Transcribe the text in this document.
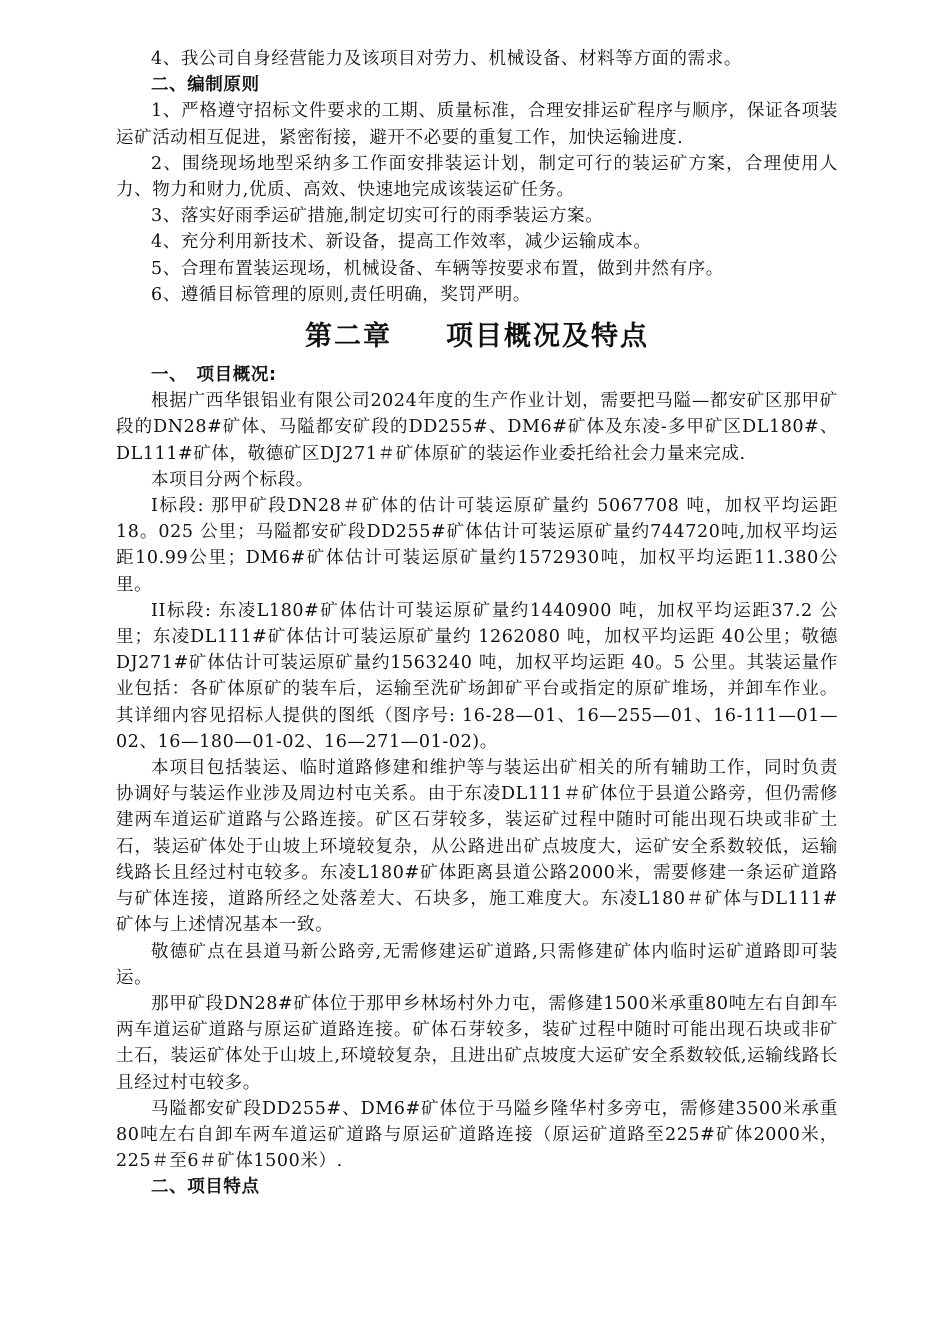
4、我公司自身经营能力及该项目对劳力、机械设备、材料等方面的需求。

二、编制原则

1、严格遵守招标文件要求的工期、质量标准，合理安排运矿程序与顺序，保证各项装运矿活动相互促进，紧密衔接，避开不必要的重复工作，加快运输进度.

2、围绕现场地型采纳多工作面安排装运计划，制定可行的装运矿方案，合理使用人力、物力和财力,优质、高效、快速地完成该装运矿任务。

3、落实好雨季运矿措施,制定切实可行的雨季装运方案。

4、充分利用新技术、新设备，提高工作效率，减少运输成本。

5、合理布置装运现场，机械设备、车辆等按要求布置，做到井然有序。

6、遵循目标管理的原则,责任明确，奖罚严明。

第二章 项目概况及特点

一、　项目概况:

根据广西华银铝业有限公司2024年度的生产作业计划，需要把马隘—都安矿区那甲矿段的DN28#矿体、马隘都安矿段的DD255#、DM6#矿体及东凌-多甲矿区DL180#、DL111#矿体，敬德矿区DJ271＃矿体原矿的装运作业委托给社会力量来完成.

本项目分两个标段。

I标段: 那甲矿段DN28＃矿体的估计可装运原矿量约 5067708 吨，加权平均运距 18。025 公里；马隘都安矿段DD255#矿体估计可装运原矿量约744720吨,加权平均运距10.99公里；DM6#矿体估计可装运原矿量约1572930吨，加权平均运距11.380公里。

II标段: 东凌L180#矿体估计可装运原矿量约1440900 吨，加权平均运距37.2 公里；东凌DL111#矿体估计可装运原矿量约 1262080 吨，加权平均运距 40公里；敬德DJ271#矿体估计可装运原矿量约1563240 吨，加权平均运距 40。5 公里。其装运量作业包括：各矿体原矿的装车后，运输至洗矿场卸矿平台或指定的原矿堆场，并卸车作业。其详细内容见招标人提供的图纸（图序号: 16-28—01、16—255—01、16-111—01—02、16—180—01-02、16—271—01-02)。

本项目包括装运、临时道路修建和维护等与装运出矿相关的所有辅助工作，同时负责协调好与装运作业涉及周边村屯关系。由于东凌DL111＃矿体位于县道公路旁，但仍需修建两车道运矿道路与公路连接。矿区石芽较多，装运矿过程中随时可能出现石块或非矿土石，装运矿体处于山坡上环境较复杂，从公路进出矿点坡度大，运矿安全系数较低，运输线路长且经过村屯较多。东凌L180#矿体距离县道公路2000米，需要修建一条运矿道路与矿体连接，道路所经之处落差大、石块多，施工难度大。东凌L180＃矿体与DL111#矿体与上述情况基本一致。

敬德矿点在县道马新公路旁,无需修建运矿道路,只需修建矿体内临时运矿道路即可装运。

那甲矿段DN28#矿体位于那甲乡林场村外力屯，需修建1500米承重80吨左右自卸车两车道运矿道路与原运矿道路连接。矿体石芽较多，装矿过程中随时可能出现石块或非矿土石，装运矿体处于山坡上,环境较复杂，且进出矿点坡度大运矿安全系数较低,运输线路长且经过村屯较多。

马隘都安矿段DD255#、DM6#矿体位于马隘乡隆华村多旁屯，需修建3500米承重80吨左右自卸车两车道运矿道路与原运矿道路连接（原运矿道路至225#矿体2000米，225＃至6＃矿体1500米）.

二、项目特点
